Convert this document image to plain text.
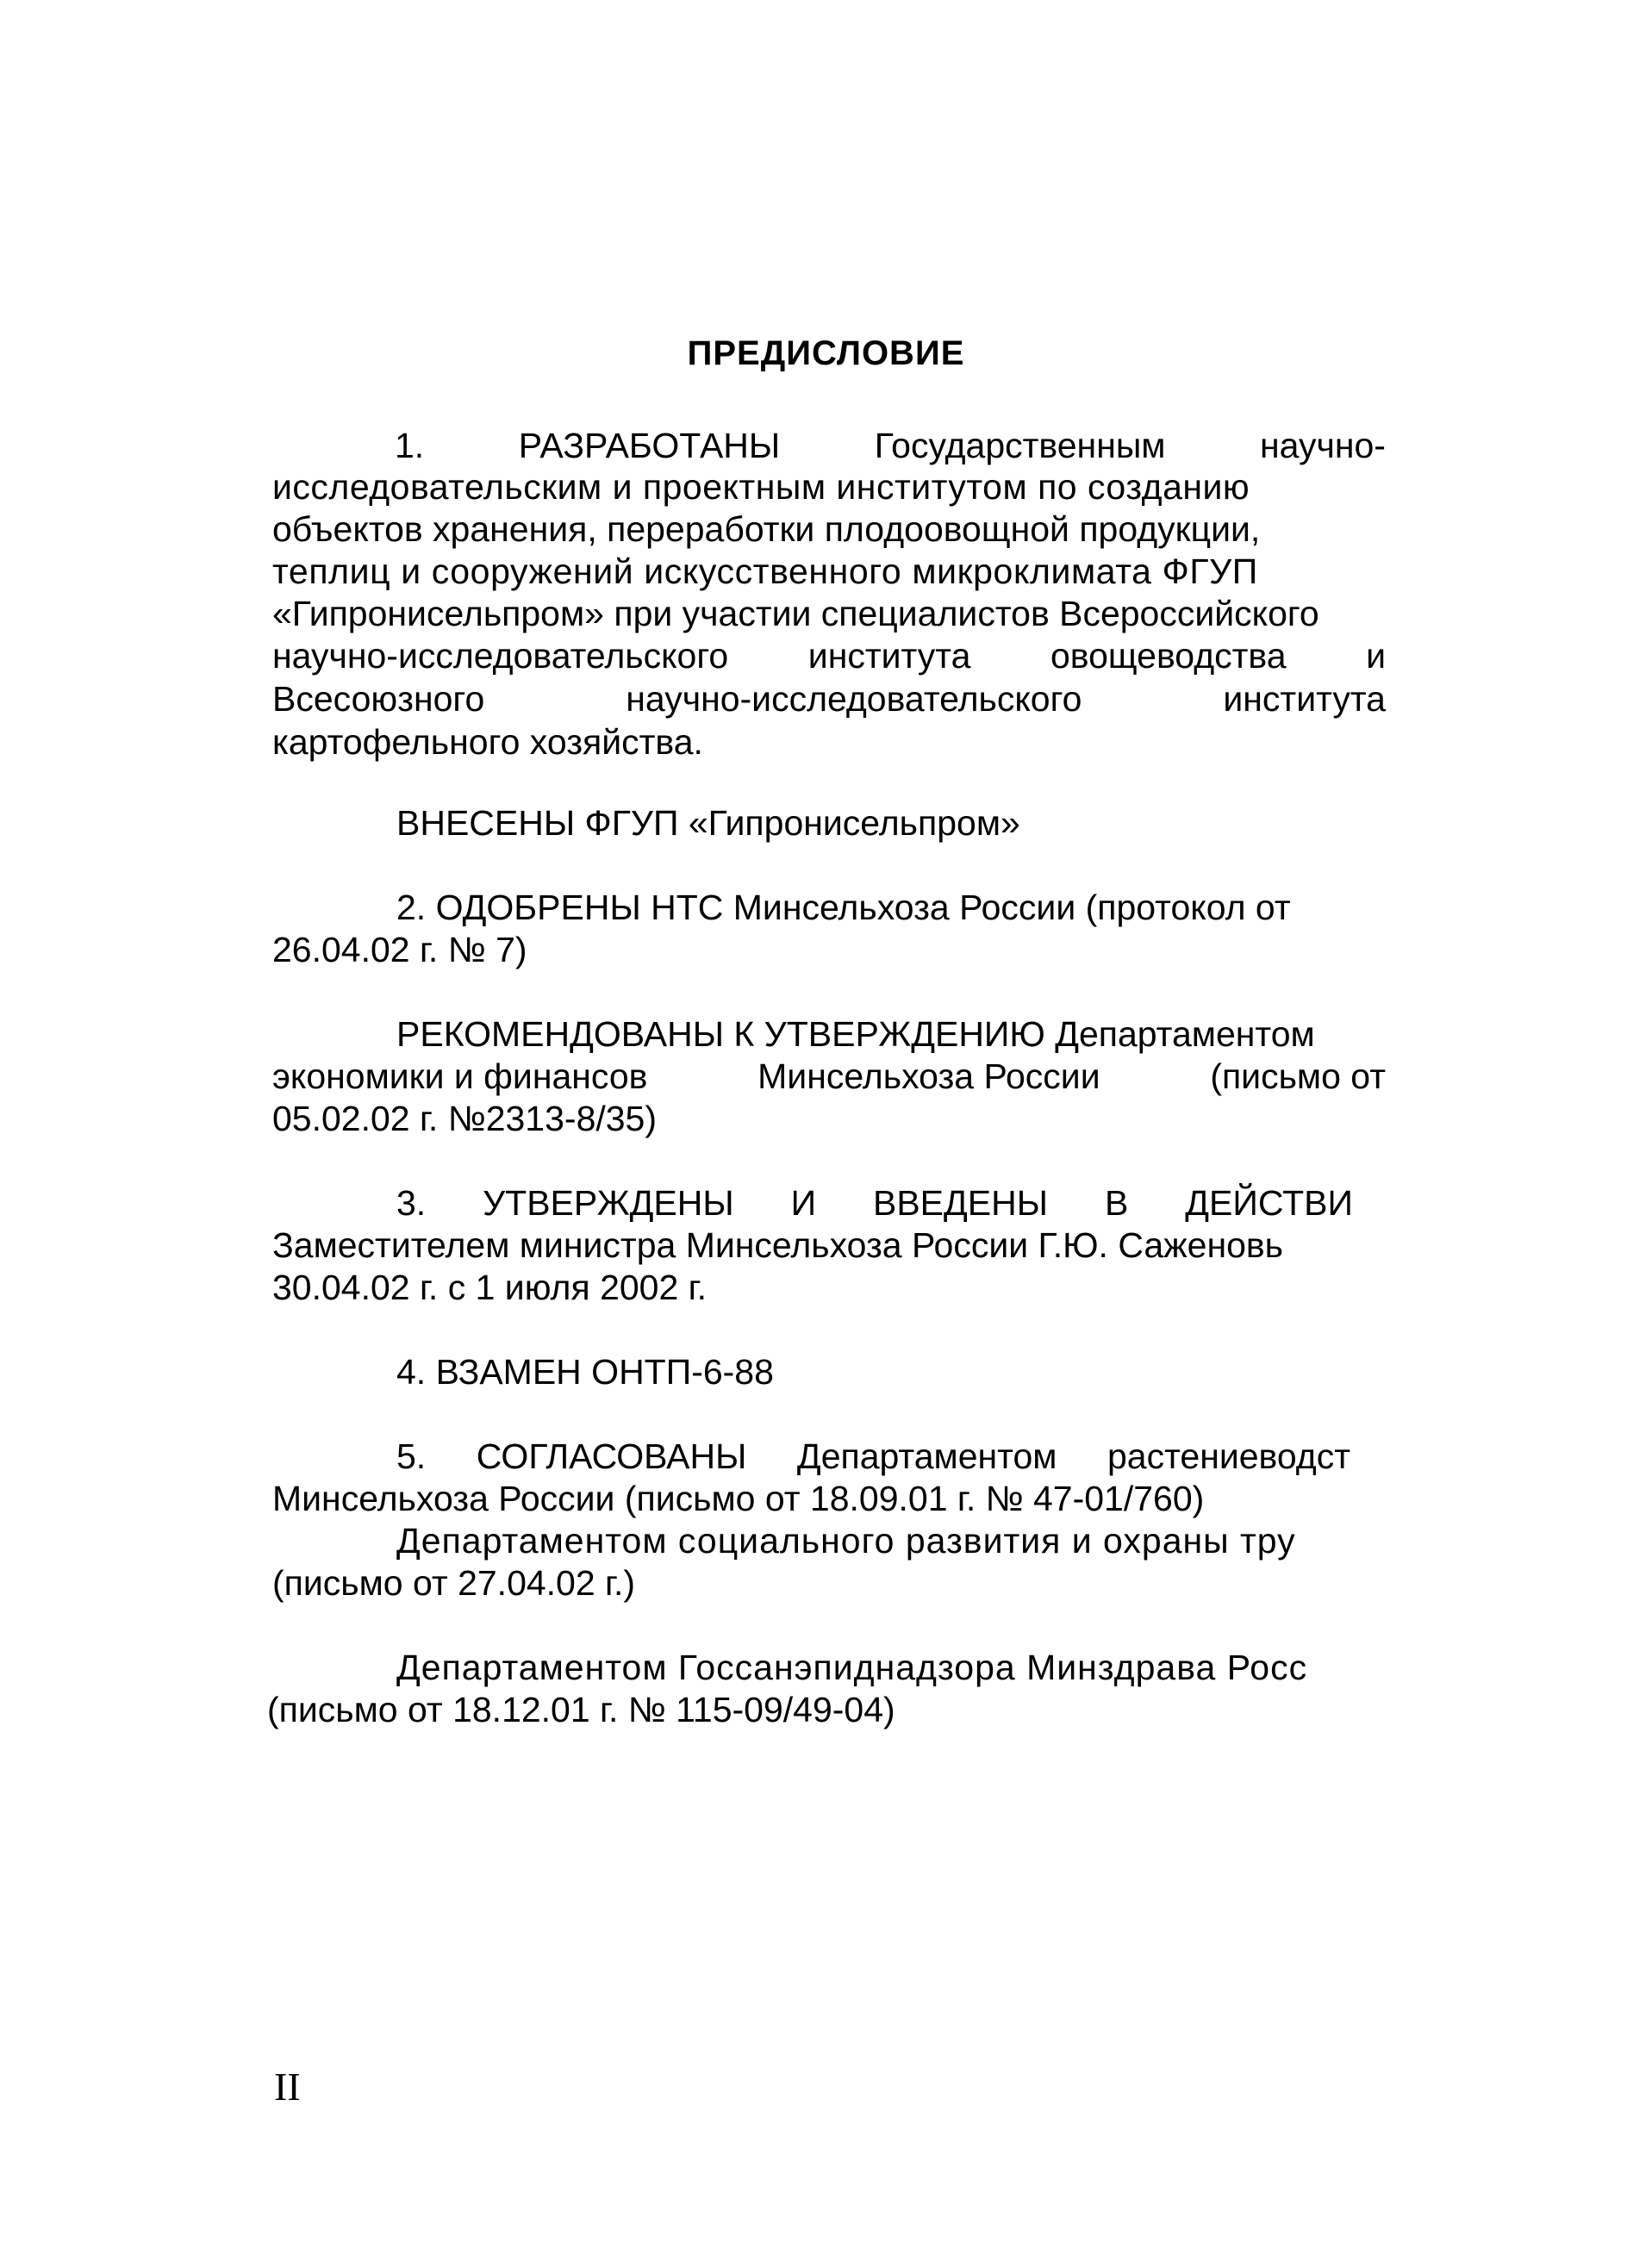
ПРЕДИСЛОВИЕ
1.	РАЗРАБОТАНЫ	Государственным	научно-
исследовательским и проектным институтом по созданию
объектов хранения, переработки плодоовощной продукции,
теплиц и сооружений искусственного микроклимата ФГУП
«Гипронисельпром» при участии специалистов Всероссийского
научно-исследовательского института овощеводства и
Всесоюзного	научно-исследовательского	института
картофельного хозяйства.
ВНЕСЕНЫ ФГУП «Гипронисельпром»
2. ОДОБРЕНЫ НТС Минсельхоза России (протокол от
26.04.02 г. № 7)
РЕКОМЕНДОВАНЫ К УТВЕРЖДЕНИЮ Департаментом
экономики и финансов	Минсельхоза России	(письмо от
05.02.02 г. №2313-8/35)
3. УТВЕРЖДЕНЫ И ВВЕДЕНЫ В ДЕЙСТВИ
Заместителем министра Минсельхоза России Г.Ю. Саженовь
30.04.02 г. с 1 июля 2002 г.
4. ВЗАМЕН ОНТП-6-88
5. СОГЛАСОВАНЫ Департаментом растениеводст
Минсельхоза России (письмо от 18.09.01 г. № 47-01/760)
Департаментом социального развития и охраны тру
(письмо от 27.04.02 г.)
Департаментом Госсанэпиднадзора Минздрава Росс
(письмо от 18.12.01 г. № 115-09/49-04)
II
